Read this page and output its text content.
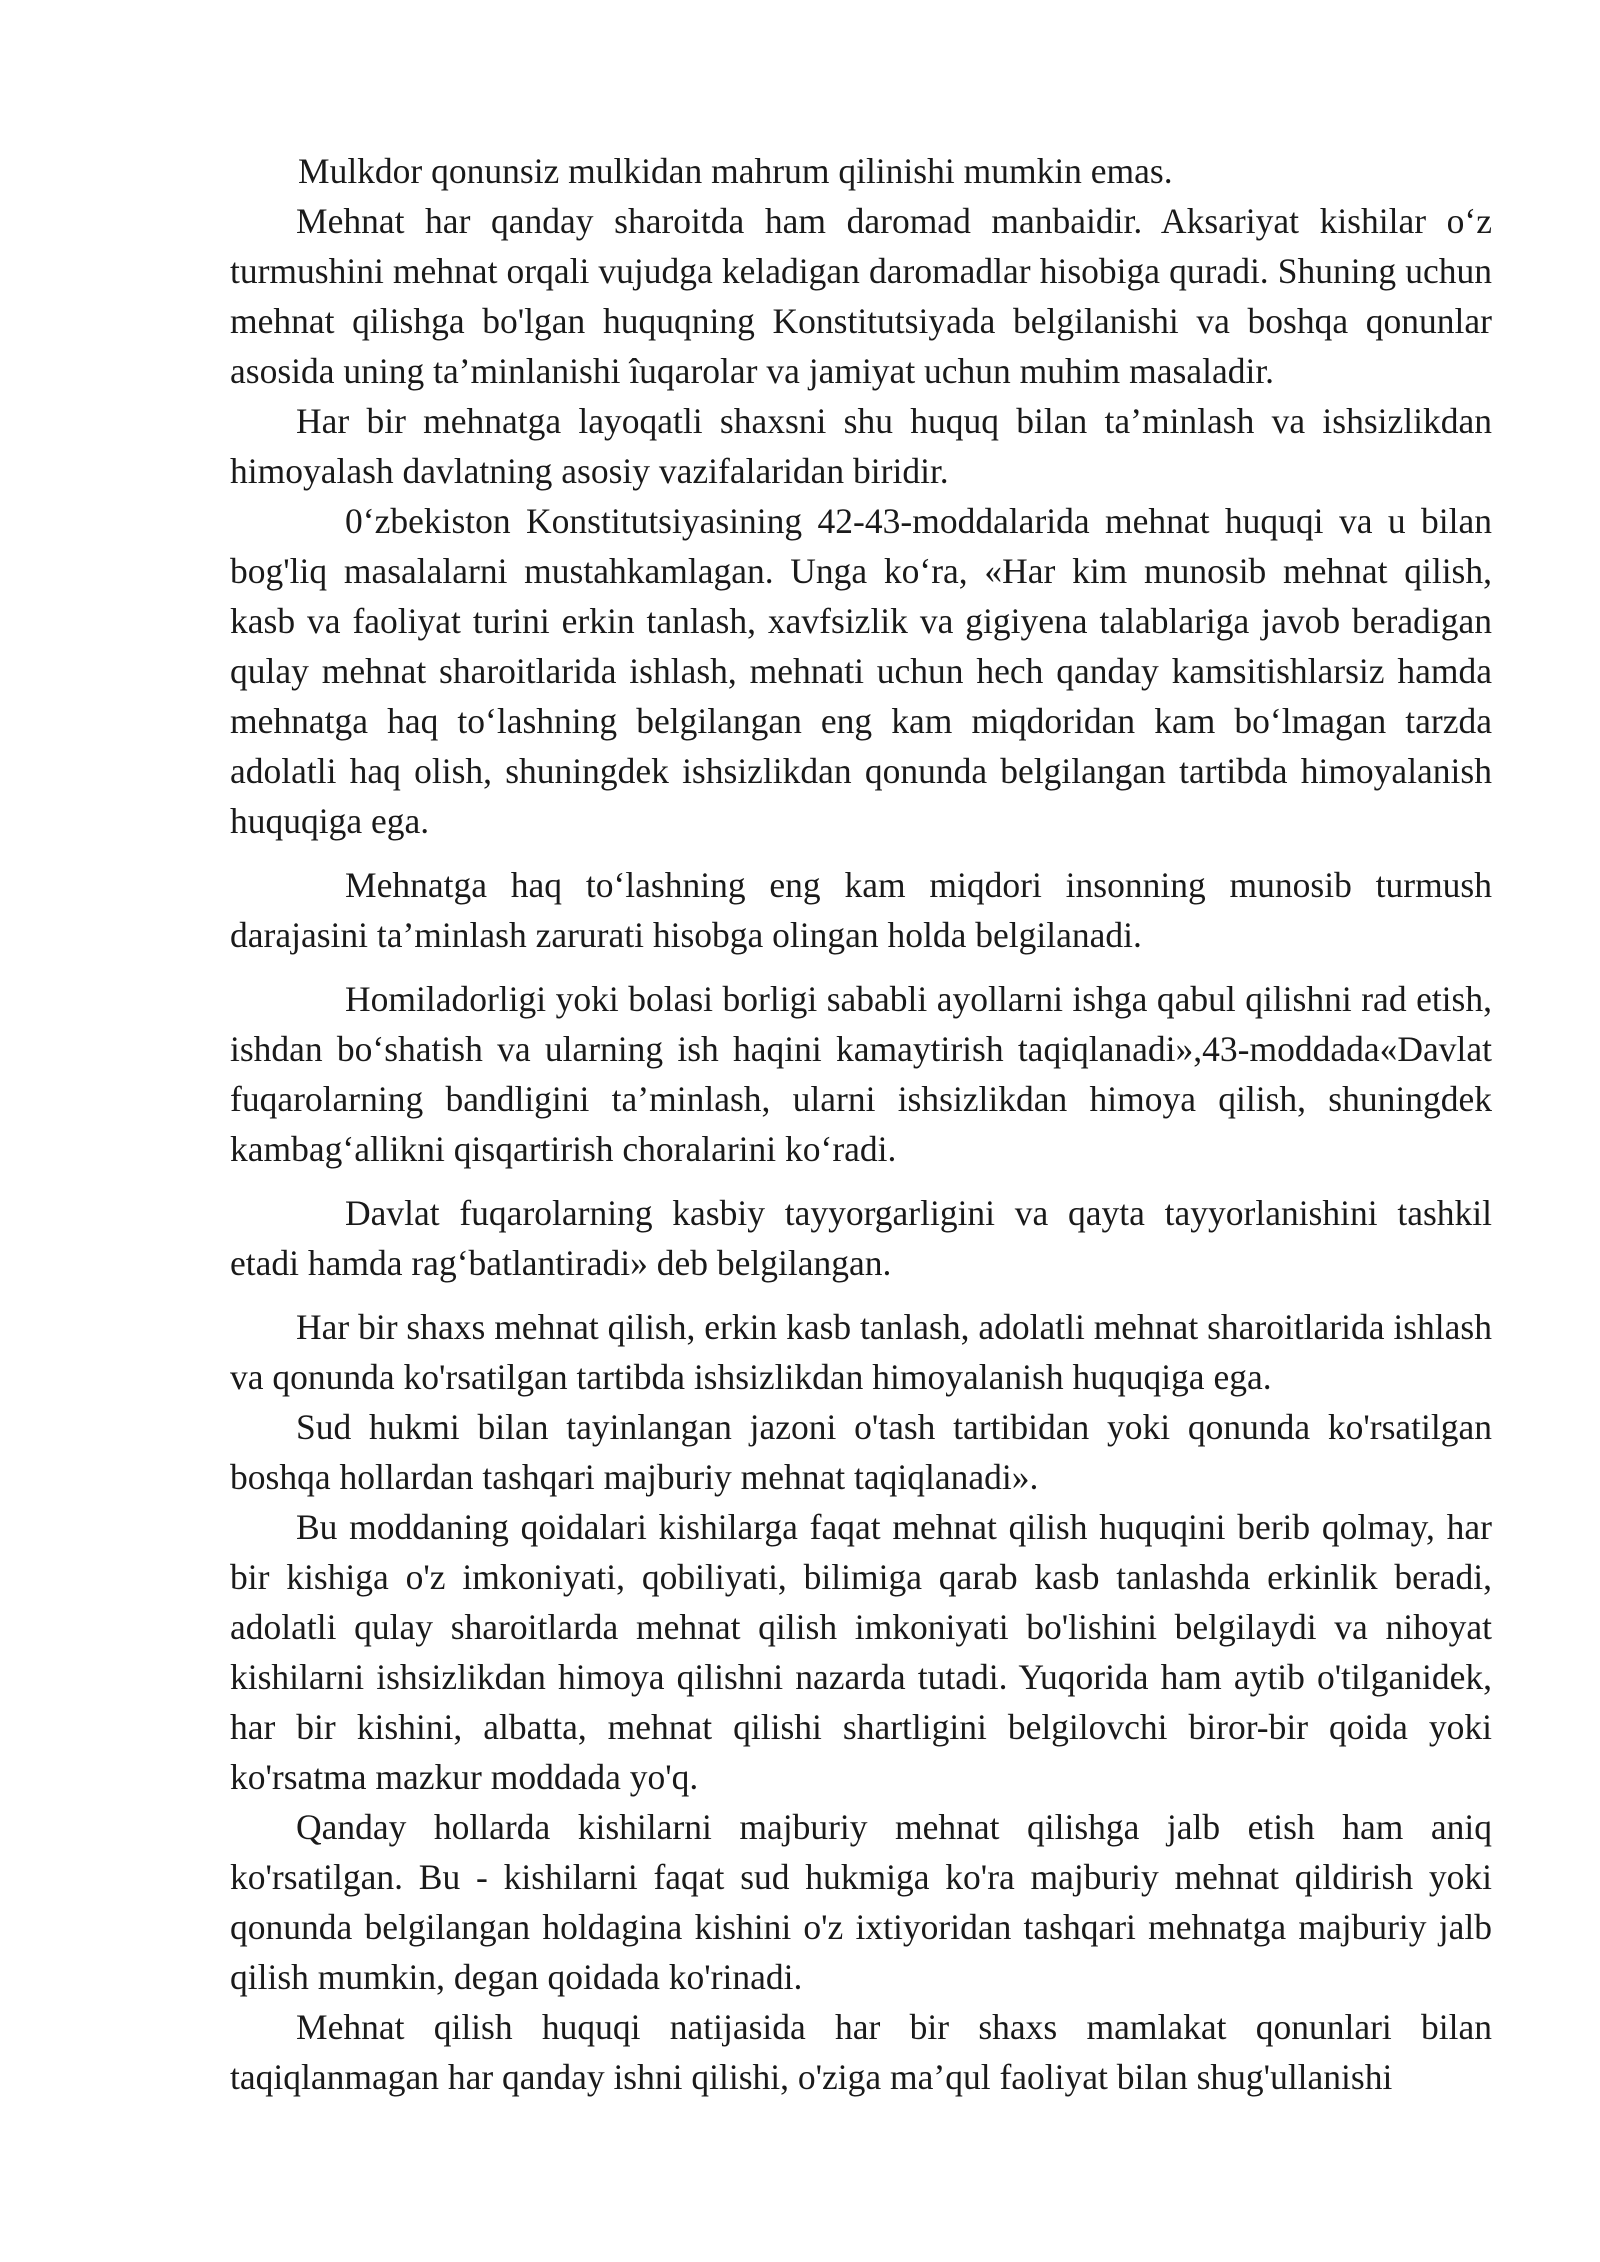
Mulkdor qonunsiz mulkidan mahrum qilinishi mumkin emas.

Mehnat har qanday sharoitda ham daromad manbaidir. Aksariyat kishilar o‘z turmushini mehnat orqali vujudga keladigan daromadlar hisobiga quradi. Shuning uchun mehnat qilishga bo'lgan huquqning Konstitutsiyada belgilanishi va boshqa qonunlar asosida uning ta’minlanishi îuqarolar va jamiyat uchun muhim masaladir.

Har bir mehnatga layoqatli shaxsni shu huquq bilan ta’minlash va ishsizlikdan himoyalash davlatning asosiy vazifalaridan biridir.

0‘zbekiston Konstitutsiyasining 42-43-moddalarida mehnat huquqi va u bilan bog'liq masalalarni mustahkamlagan. Unga ko‘ra, «Har kim munosib mehnat qilish, kasb va faoliyat turini erkin tanlash, xavfsizlik va gigiyena talablariga javob beradigan qulay mehnat sharoitlarida ishlash, mehnati uchun hech qanday kamsitishlarsiz hamda mehnatga haq to‘lashning belgilangan eng kam miqdoridan kam bo‘lmagan tarzda adolatli haq olish, shuningdek ishsizlikdan qonunda belgilangan tartibda himoyalanish huquqiga ega.

Mehnatga haq to‘lashning eng kam miqdori insonning munosib turmush darajasini ta’minlash zarurati hisobga olingan holda belgilanadi.

Homiladorligi yoki bolasi borligi sababli ayollarni ishga qabul qilishni rad etish, ishdan bo‘shatish va ularning ish haqini kamaytirish taqiqlanadi»,43-moddada«Davlat fuqarolarning bandligini ta’minlash, ularni ishsizlikdan himoya qilish, shuningdek kambag‘allikni qisqartirish choralarini ko‘radi.

Davlat fuqarolarning kasbiy tayyorgarligini va qayta tayyorlanishini tashkil etadi hamda rag‘batlantiradi» deb belgilangan.

Har bir shaxs mehnat qilish, erkin kasb tanlash, adolatli mehnat sharoitlarida ishlash va qonunda ko'rsatilgan tartibda ishsizlikdan himoyalanish huquqiga ega.

Sud hukmi bilan tayinlangan jazoni o'tash tartibidan yoki qonunda ko'rsatilgan boshqa hollardan tashqari majburiy mehnat taqiqlanadi».

Bu moddaning qoidalari kishilarga faqat mehnat qilish huquqini berib qolmay, har bir kishiga o'z imkoniyati, qobiliyati, bilimiga qarab kasb tanlashda erkinlik beradi, adolatli qulay sharoitlarda mehnat qilish imkoniyati bo'lishini belgilaydi va nihoyat kishilarni ishsizlikdan himoya qilishni nazarda tutadi. Yuqorida ham aytib o'tilganidek, har bir kishini, albatta, mehnat qilishi shartligini belgilovchi biror-bir qoida yoki ko'rsatma mazkur moddada yo'q.

Qanday hollarda kishilarni majburiy mehnat qilishga jalb etish ham aniq ko'rsatilgan. Bu - kishilarni faqat sud hukmiga ko'ra majburiy mehnat qildirish yoki qonunda belgilangan holdagina kishini o'z ixtiyoridan tashqari mehnatga majburiy jalb qilish mumkin, degan qoidada ko'rinadi.

Mehnat qilish huquqi natijasida har bir shaxs mamlakat qonunlari bilan taqiqlanmagan har qanday ishni qilishi, o'ziga ma’qul faoliyat bilan shug'ullanishi
